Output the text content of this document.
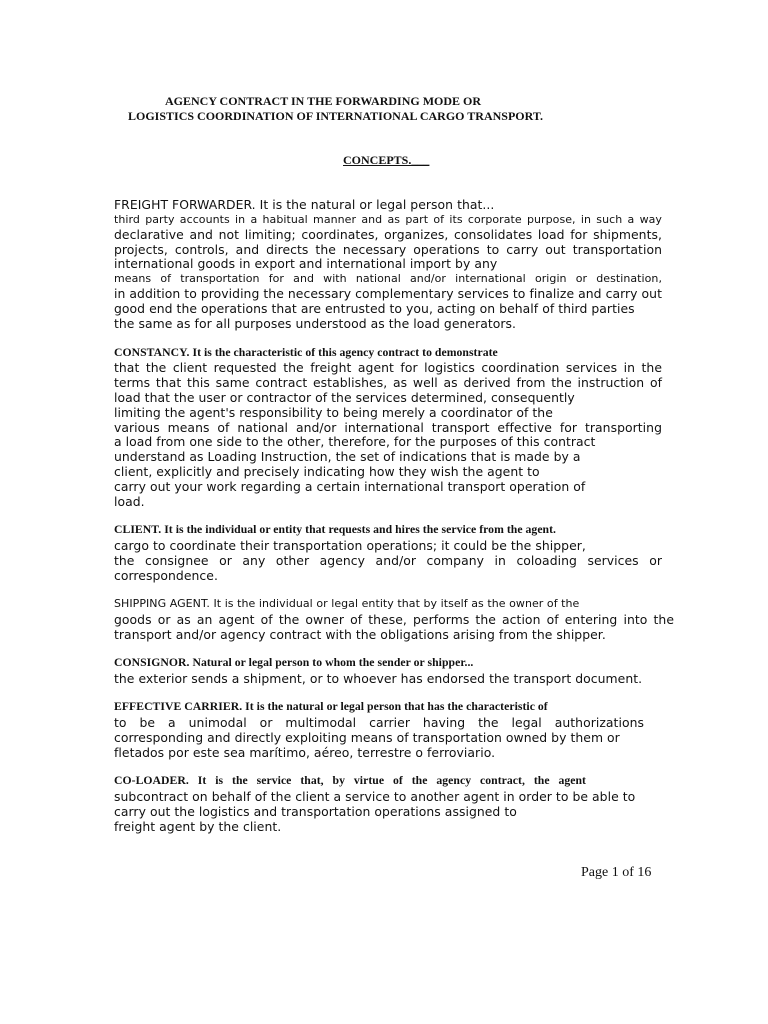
AGENCY CONTRACT IN THE FORWARDING MODE OR
LOGISTICS COORDINATION OF INTERNATIONAL CARGO TRANSPORT.
CONCEPTS.___
FREIGHT FORWARDER. It is the natural or legal person that...
third party accounts in a habitual manner and as part of its corporate purpose, in such a way
declarative and not limiting; coordinates, organizes, consolidates load for shipments,
projects, controls, and directs the necessary operations to carry out transportation
international goods in export and international import by any
means of transportation for and with national and/or international origin or destination,
in addition to providing the necessary complementary services to finalize and carry out
good end the operations that are entrusted to you, acting on behalf of third parties
the same as for all purposes understood as the load generators.
CONSTANCY. It is the characteristic of this agency contract to demonstrate
that the client requested the freight agent for logistics coordination services in the
terms that this same contract establishes, as well as derived from the instruction of
load that the user or contractor of the services determined, consequently
limiting the agent's responsibility to being merely a coordinator of the
various means of national and/or international transport effective for transporting
a load from one side to the other, therefore, for the purposes of this contract
understand as Loading Instruction, the set of indications that is made by a
client, explicitly and precisely indicating how they wish the agent to
carry out your work regarding a certain international transport operation of
load.
CLIENT. It is the individual or entity that requests and hires the service from the agent.
cargo to coordinate their transportation operations; it could be the shipper,
the consignee or any other agency and/or company in coloading services or
correspondence.
SHIPPING AGENT. It is the individual or legal entity that by itself as the owner of the
goods or as an agent of the owner of these, performs the action of entering into the
transport and/or agency contract with the obligations arising from the shipper.
CONSIGNOR. Natural or legal person to whom the sender or shipper...
the exterior sends a shipment, or to whoever has endorsed the transport document.
EFFECTIVE CARRIER. It is the natural or legal person that has the characteristic of
to be a unimodal or multimodal carrier having the legal authorizations
corresponding and directly exploiting means of transportation owned by them or
fletados por este sea marítimo, aéreo, terrestre o ferroviario.
CO-LOADER. It is the service that, by virtue of the agency contract, the agent
subcontract on behalf of the client a service to another agent in order to be able to
carry out the logistics and transportation operations assigned to
freight agent by the client.
Page 1 of 16
